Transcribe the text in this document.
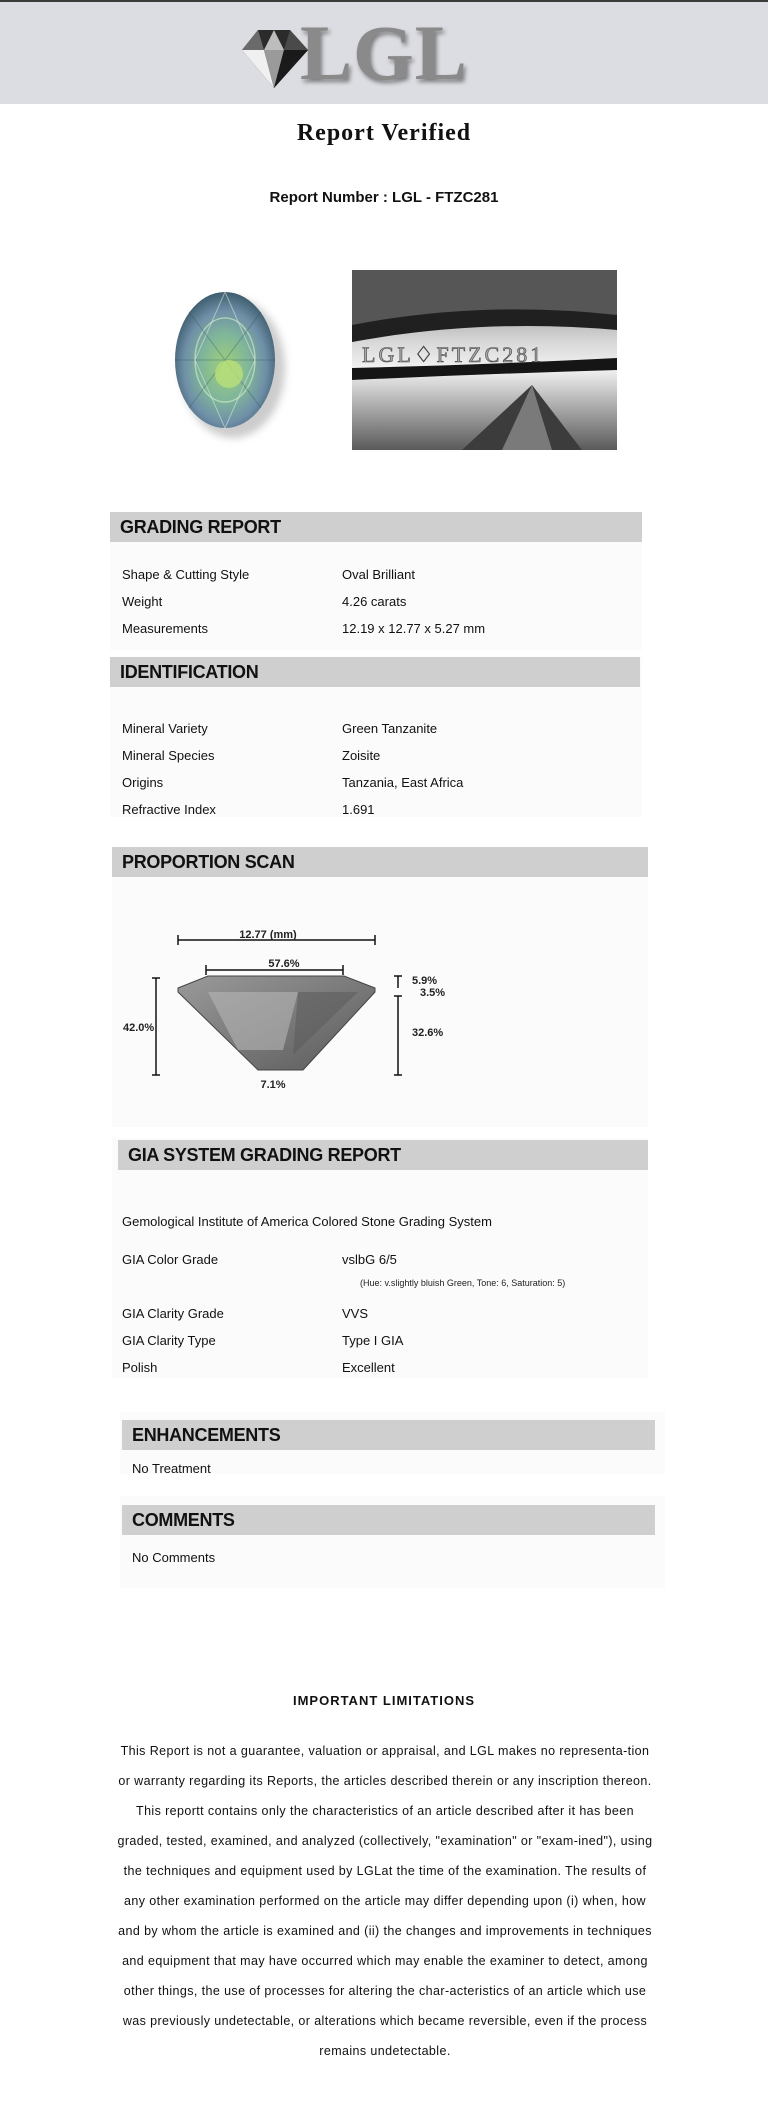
LGL
Report Verified
Report Number : LGL - FTZC281
LGL♢FTZC281
GRADING REPORT
Shape & Cutting Style	Oval Brilliant
Weight	4.26 carats
Measurements	12.19 x 12.77 x 5.27 mm
IDENTIFICATION
Mineral Variety	Green Tanzanite
Mineral Species	Zoisite
Origins	Tanzania, East Africa
Refractive Index	1.691
PROPORTION SCAN
12.77 (mm)
57.6%
42.0%
5.9%
3.5%
32.6%
7.1%
GIA SYSTEM GRADING REPORT
Gemological Institute of America Colored Stone Grading System
GIA Color Grade	vslbG 6/5
(Hue: v.slightly bluish Green, Tone: 6, Saturation: 5)
GIA Clarity Grade	VVS
GIA Clarity Type	Type I GIA
Polish	Excellent
ENHANCEMENTS
No Treatment
COMMENTS
No Comments
IMPORTANT LIMITATIONS
This Report is not a guarantee, valuation or appraisal, and LGL makes no representa-tion or warranty regarding its Reports, the articles described therein or any inscription thereon. This reportt contains only the characteristics of an article described after it has been graded, tested, examined, and analyzed (collectively, "examination" or "exam-ined"), using the techniques and equipment used by LGLat the time of the examination. The results of any other examination performed on the article may differ depending upon (i) when, how and by whom the article is examined and (ii) the changes and improvements in techniques and equipment that may have occurred which may enable the examiner to detect, among other things, the use of processes for altering the char-acteristics of an article which use was previously undetectable, or alterations which became reversible, even if the process remains undetectable.
